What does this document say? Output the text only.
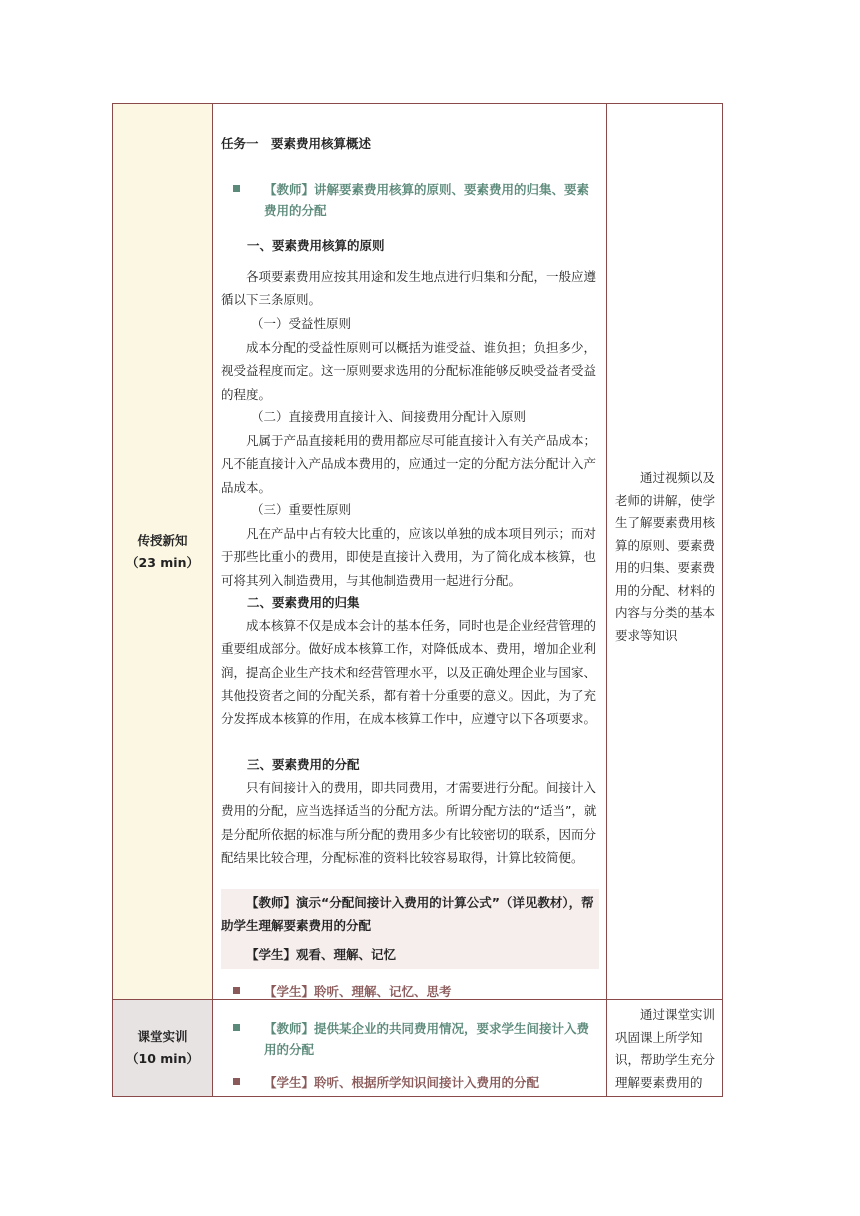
传授新知
（23 min）
任务一　要素费用核算概述
【教师】讲解要素费用核算的原则、要素费用的归集、要素费用的分配
一、要素费用核算的原则
各项要素费用应按其用途和发生地点进行归集和分配，一般应遵循以下三条原则。
（一）受益性原则
成本分配的受益性原则可以概括为谁受益、谁负担；负担多少，视受益程度而定。这一原则要求选用的分配标准能够反映受益者受益的程度。
（二）直接费用直接计入、间接费用分配计入原则
凡属于产品直接耗用的费用都应尽可能直接计入有关产品成本；凡不能直接计入产品成本费用的，应通过一定的分配方法分配计入产品成本。
（三）重要性原则
凡在产品中占有较大比重的，应该以单独的成本项目列示；而对于那些比重小的费用，即使是直接计入费用，为了简化成本核算，也可将其列入制造费用，与其他制造费用一起进行分配。
二、要素费用的归集
成本核算不仅是成本会计的基本任务，同时也是企业经营管理的重要组成部分。做好成本核算工作，对降低成本、费用，增加企业利润，提高企业生产技术和经营管理水平，以及正确处理企业与国家、其他投资者之间的分配关系，都有着十分重要的意义。因此，为了充分发挥成本核算的作用，在成本核算工作中，应遵守以下各项要求。
三、要素费用的分配
只有间接计入的费用，即共同费用，才需要进行分配。间接计入费用的分配，应当选择适当的分配方法。所谓分配方法的“适当”，就是分配所依据的标准与所分配的费用多少有比较密切的联系，因而分配结果比较合理，分配标准的资料比较容易取得，计算比较简便。
【教师】演示“分配间接计入费用的计算公式”（详见教材），帮助学生理解要素费用的分配
【学生】观看、理解、记忆
【学生】聆听、理解、记忆、思考
通过视频以及老师的讲解，使学生了解要素费用核算的原则、要素费用的归集、要素费用的分配、材料的内容与分类的基本要求等知识
课堂实训
（10 min）
【教师】提供某企业的共同费用情况，要求学生间接计入费用的分配
【学生】聆听、根据所学知识间接计入费用的分配
通过课堂实训巩固课上所学知识，帮助学生充分理解要素费用的
